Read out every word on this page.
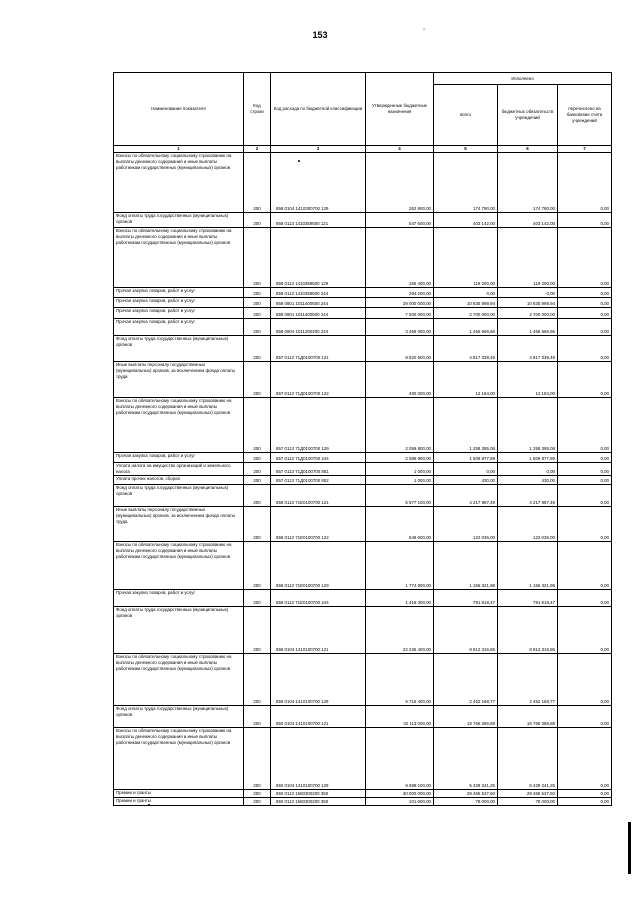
›
153
Наименование показателя	Код строки	Код расхода по бюджетной классификации	Утвержденные бюджетные назначения	Исполнено		
				всего	бюджетных обязательств учреждений	перечислено на банковские счета учреждений
1	2	3	4	5	6	7
Взносы по обязательному социальному страхованию на выплаты денежного содержания и иные выплаты работникам государственных (муниципальных) органов	200	858 0104 1410300700 129	262 900,00	174 790,00	174 790,00	0,00
Фонд оплаты труда государственных (муниципальных) органов	200	858 0113 1410359500 121	547 600,00	403 142,00	403 142,00	0,00
Взносы по обязательному социальному страхованию на выплаты денежного содержания и иные выплаты работникам государственных (муниципальных) органов	200	858 0113 1410359500 129	165 400,00	119 200,00	119 200,00	0,00
Прочая закупка товаров, работ и услуг	200	858 0113 1410359500 244	294 200,00	0,00	0,00	0,00
Прочая закупка товаров, работ и услуг	200	858 0801 1011400500 244	29 000 000,00	10 835 999,94	10 835 999,94	0,00
Прочая закупка товаров, работ и услуг	200	858 0801 1011400500 244	7 500 000,00	2 700 000,00	2 700 000,00	0,00
Прочая закупка товаров, работ и услуг	200	858 0804 1011200200 244	3 459 000,00	1 466 666,66	1 466 666,66	0,00
Фонд оплаты труда государственных (муниципальных) органов	200	857 0113 71Д0100700 121	8 820 500,00	4 817 039,49	4 817 039,49	0,00
Иные выплаты персоналу государственных (муниципальных) органов, за исключением фонда оплаты труда	200	857 0113 71Д0100700 122	480 300,00	12 184,00	12 184,00	0,00
Взносы по обязательному социальному страхованию на выплаты денежного содержания и иные выплаты работникам государственных (муниципальных) органов	200	857 0113 71Д0100700 129	2 059 800,00	1 258 395,08	1 258 395,08	0,00
Прочая закупка товаров, работ и услуг	200	857 0113 71Д0100700 244	2 586 900,00	1 509 877,89	1 509 877,89	0,00
Уплата налога на имущество организаций и земельного налога	200	857 0113 71Д0100700 851	1 000,00	0,00	0,00	0,00
Уплата прочих налогов, сборов	200	857 0113 71Д0100700 852	1 000,00	430,00	430,00	0,00
Фонд оплаты труда государственных (муниципальных) органов	200	858 0113 71Е0100700 121	5 877 100,00	4 217 987,49	4 217 987,49	0,00
Иные выплаты персоналу государственных (муниципальных) органов, за исключением фонда оплаты труда	200	858 0113 71Е0100700 122	549 600,00	122 036,00	122 036,00	0,00
Взносы по обязательному социальному страхованию на выплаты денежного содержания и иные выплаты работникам государственных (муниципальных) органов	200	858 0113 71Е0100700 129	1 774 900,00	1 156 321,98	1 156 321,98	0,00
Прочая закупка товаров, работ и услуг	200	858 0113 71Е0100700 244	1 418 300,00	791 818,47	791 818,47	0,00
Фонд оплаты труда государственных (муниципальных) органов	200	859 0104 1410100700 121	22 236 400,00	8 812 316,86	8 812 316,86	0,00
Взносы по обязательному социальному страхованию на выплаты денежного содержания и иные выплаты работникам государственных (муниципальных) органов	200	859 0104 1410100700 129	6 715 400,00	2 452 168,77	2 452 168,77	0,00
Фонд оплаты труда государственных (муниципальных) органов	200	860 0104 1410100700 121	32 113 000,00	18 766 386,88	18 766 386,88	0,00
Взносы по обязательному социальному страхованию на выплаты денежного содержания и иные выплаты работникам государственных (муниципальных) органов	200	860 0104 1410100700 129	9 698 100,00	5 429 241,25	5 429 241,25	0,00
Премии и гранты	200	860 0113 1560300200 350	30 000 000,00	29 465 537,60	29 465 537,60	0,00
Премии и гранты	200	860 0113 1560300200 350	101 600,00	78 000,00	78 000,00	0,00
